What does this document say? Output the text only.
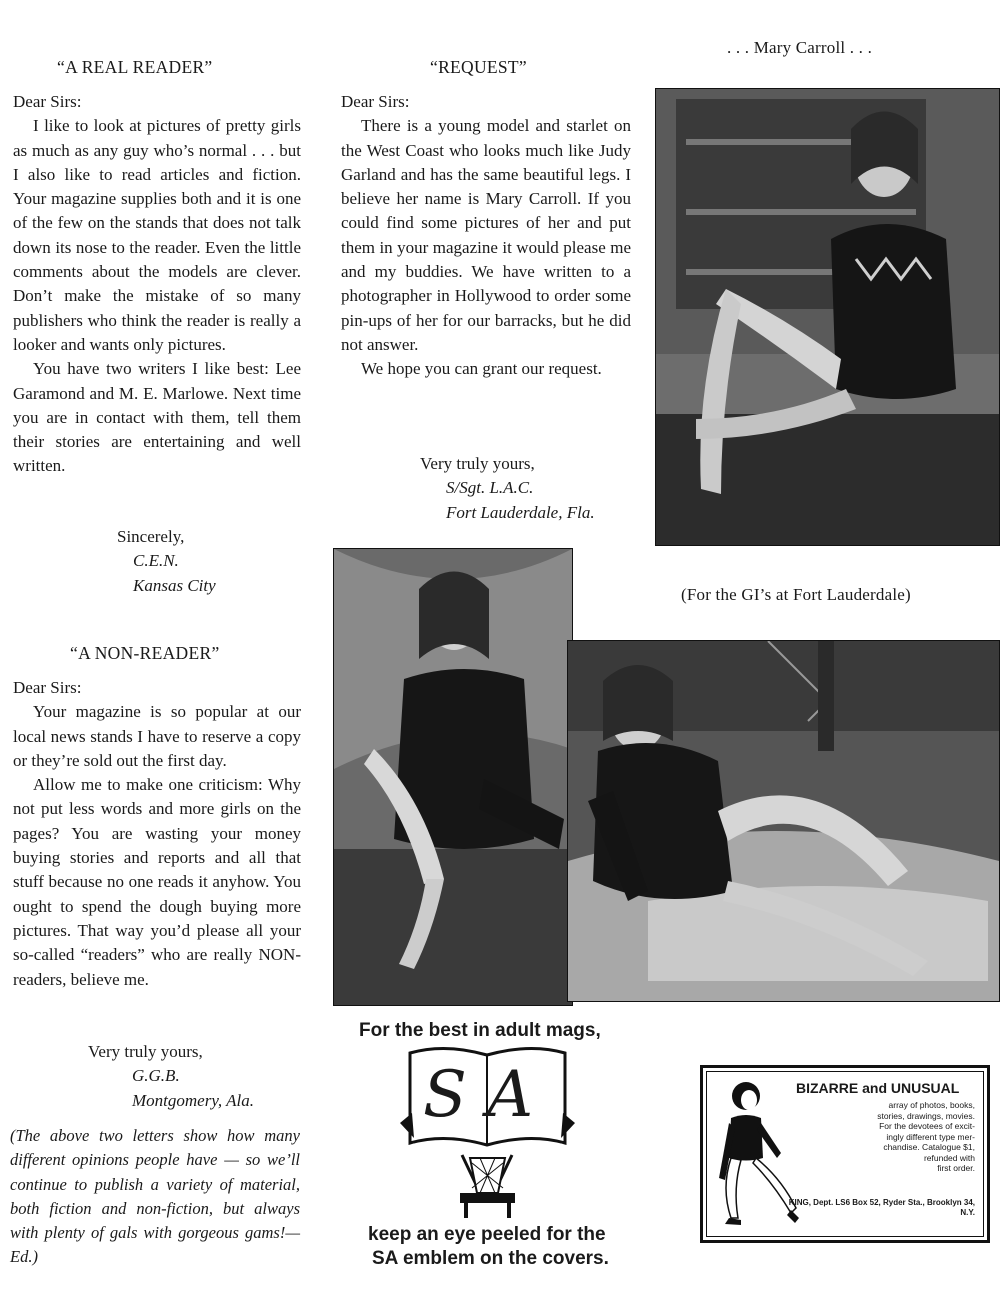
“A REAL READER”

Dear Sirs:

I like to look at pictures of pretty girls as much as any guy who’s normal . . . but I also like to read articles and fiction. Your magazine supplies both and it is one of the few on the stands that does not talk down its nose to the reader. Even the little comments about the models are clever. Don’t make the mistake of so many publishers who think the reader is really a looker and wants only pictures.

You have two writers I like best: Lee Garamond and M. E. Marlowe. Next time you are in contact with them, tell them their stories are entertaining and well written.

Sincerely,
C.E.N.
Kansas City
“A NON-READER”

Dear Sirs:

Your magazine is so popular at our local news stands I have to reserve a copy or they’re sold out the first day.

Allow me to make one criticism: Why not put less words and more girls on the pages? You are wasting your money buying stories and reports and all that stuff because no one reads it anyhow. You ought to spend the dough buying more pictures. That way you’d please all your so-called “readers” who are really NON-readers, believe me.

Very truly yours,
G.G.B.
Montgomery, Ala.
(The above two letters show how many different opinions people have — so we’ll continue to publish a variety of material, both fiction and non-fiction, but always with plenty of gals with gorgeous gams!—Ed.)
“REQUEST”

Dear Sirs:

There is a young model and starlet on the West Coast who looks much like Judy Garland and has the same beautiful legs. I believe her name is Mary Carroll. If you could find some pictures of her and put them in your magazine it would please me and my buddies. We have written to a photographer in Hollywood to order some pin-ups of her for our barracks, but he did not answer.

We hope you can grant our request.

Very truly yours,
S/Sgt. L.A.C.
Fort Lauderdale, Fla.
. . . Mary Carroll . . .
(For the GI’s at Fort Lauderdale)
For the best in adult mags,
SA
keep an eye peeled for the
SA emblem on the covers.
BIZARRE and UNUSUAL
array of photos, books,
stories, drawings, movies.
For the devotees of excit-
ingly different type mer-
chandise. Catalogue $1,
refunded with
first order.
KING, Dept. LS6 Box 52, Ryder Sta., Brooklyn 34, N.Y.
